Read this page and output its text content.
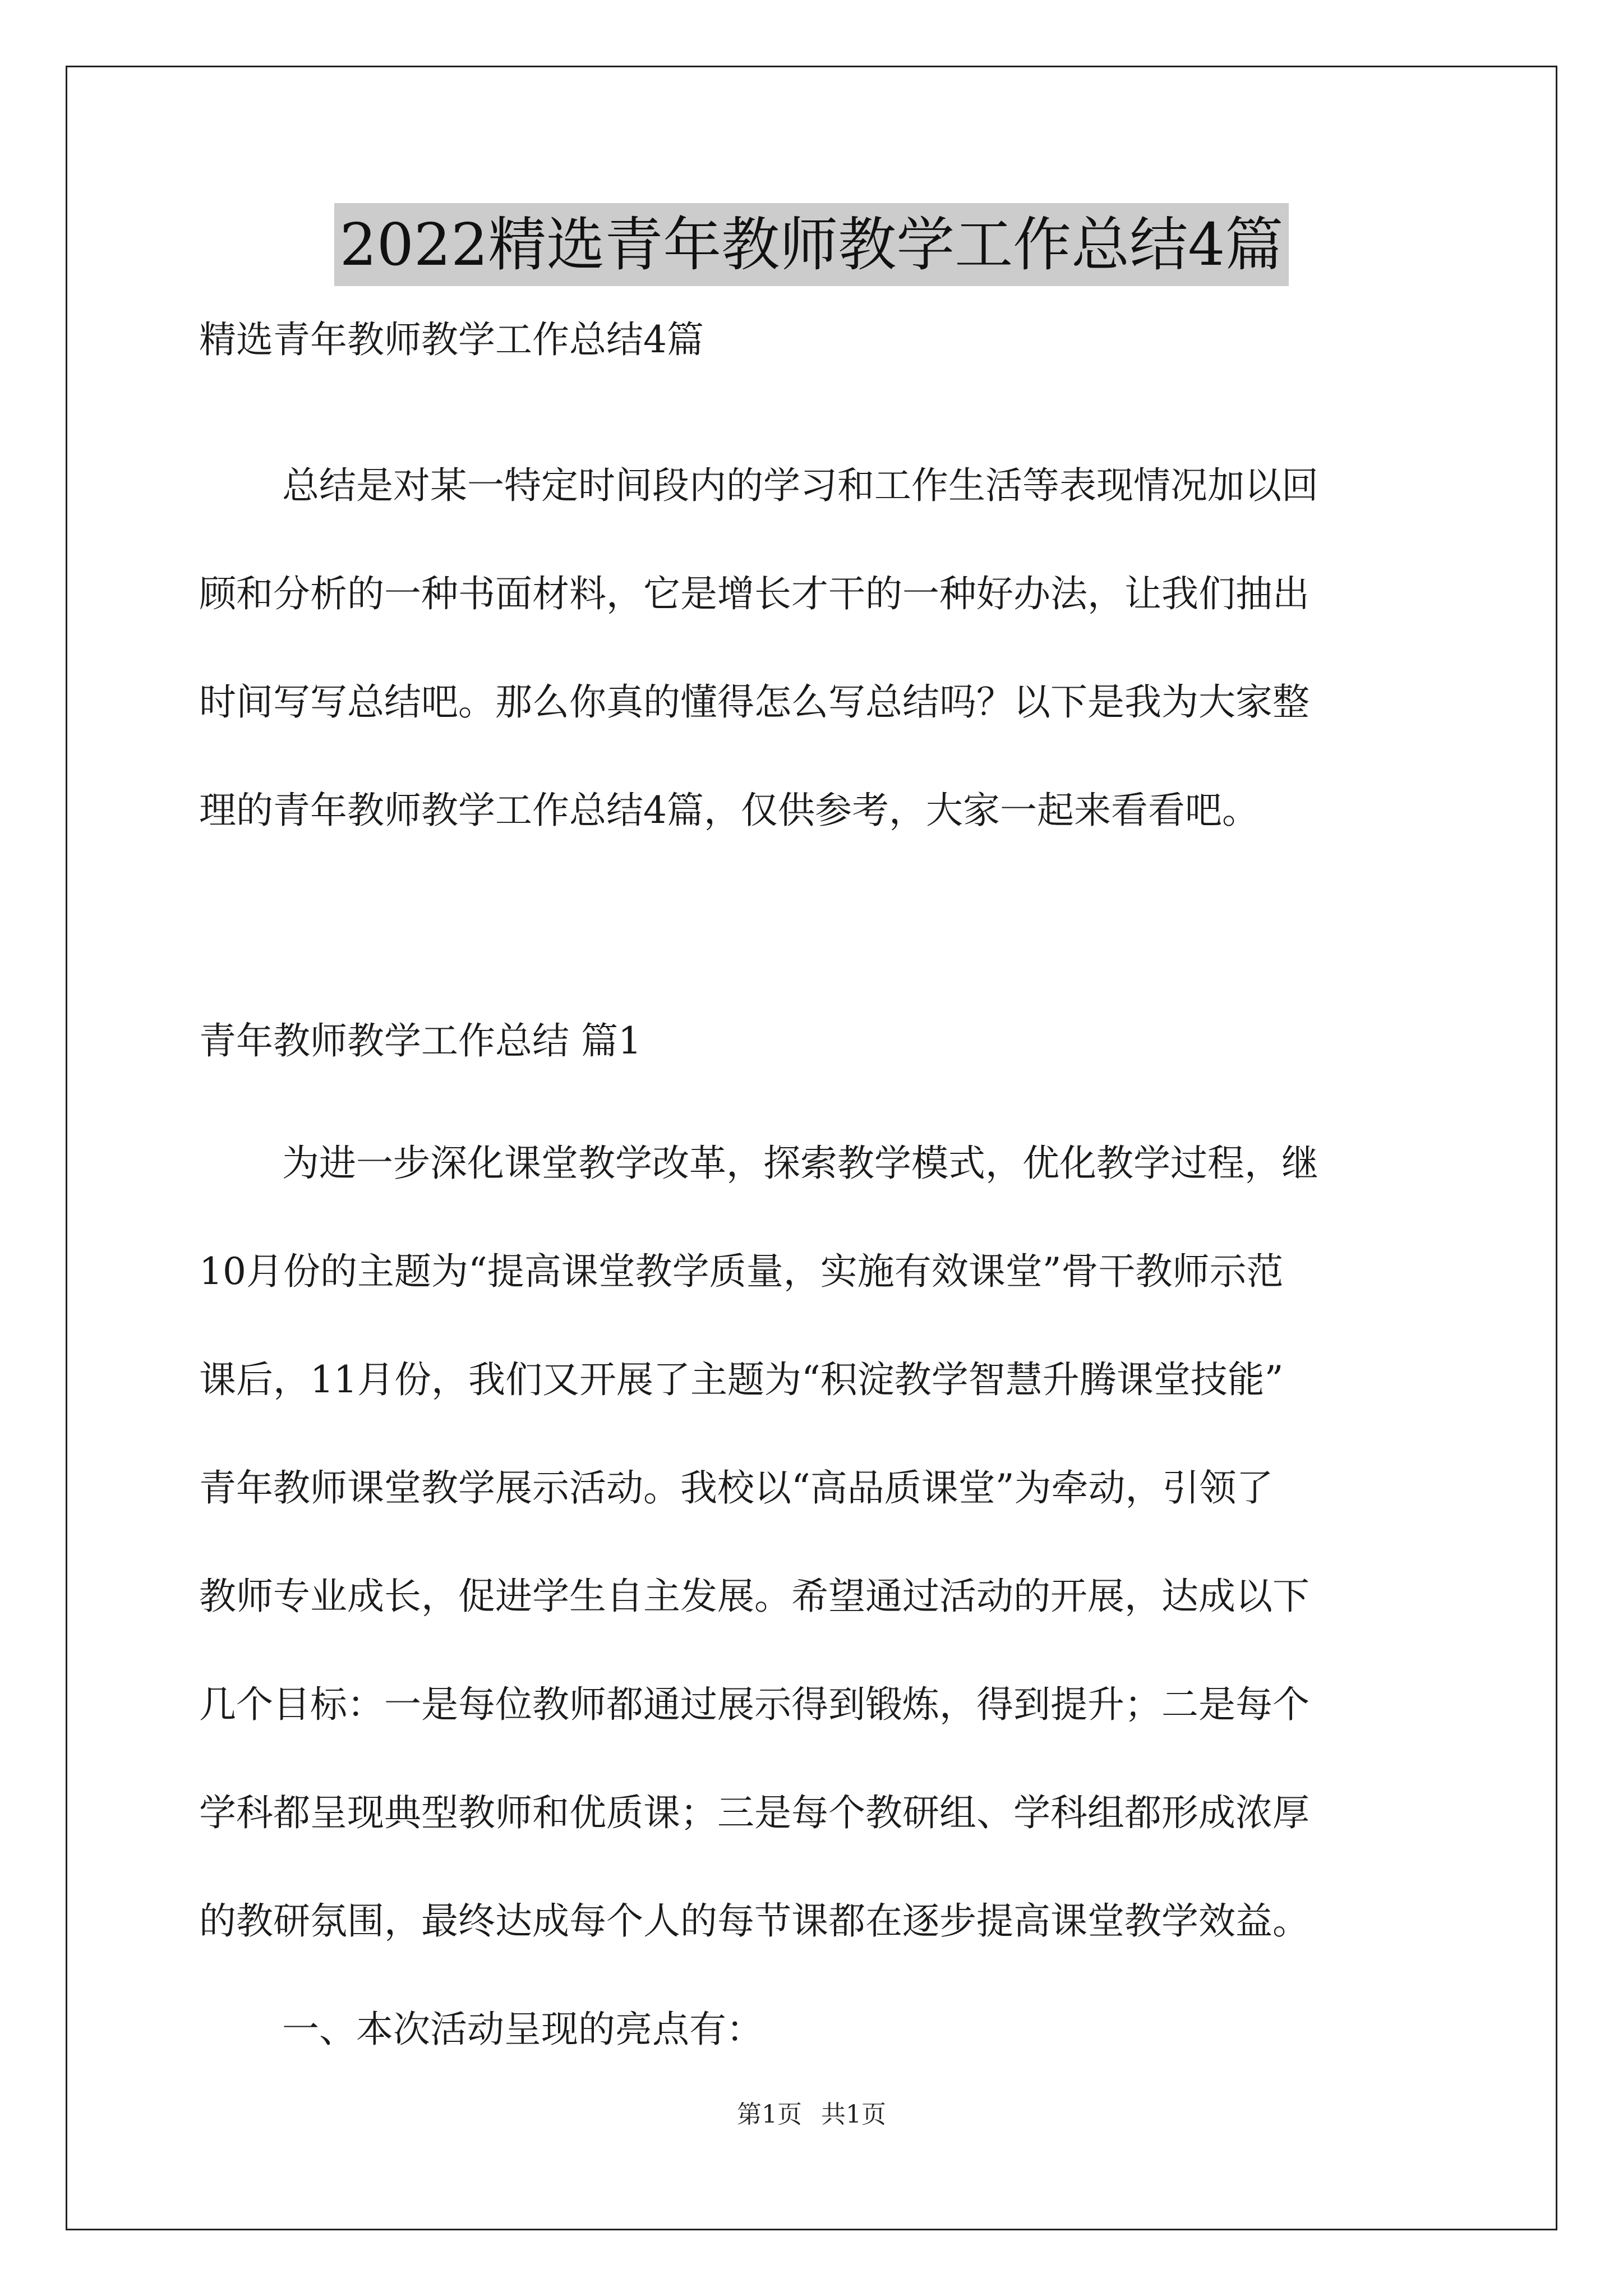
2022精选青年教师教学工作总结4篇
精选青年教师教学工作总结4篇
总结是对某一特定时间段内的学习和工作生活等表现情况加以回
顾和分析的一种书面材料，它是增长才干的一种好办法，让我们抽出
时间写写总结吧。那么你真的懂得怎么写总结吗？以下是我为大家整
理的青年教师教学工作总结4篇，仅供参考，大家一起来看看吧。
青年教师教学工作总结 篇1
为进一步深化课堂教学改革，探索教学模式，优化教学过程，继
10月份的主题为“提高课堂教学质量，实施有效课堂”骨干教师示范
课后，11月份，我们又开展了主题为“积淀教学智慧升腾课堂技能”
青年教师课堂教学展示活动。我校以“高品质课堂”为牵动，引领了
教师专业成长，促进学生自主发展。希望通过活动的开展，达成以下
几个目标：一是每位教师都通过展示得到锻炼，得到提升；二是每个
学科都呈现典型教师和优质课；三是每个教研组、学科组都形成浓厚
的教研氛围，最终达成每个人的每节课都在逐步提高课堂教学效益。
一、本次活动呈现的亮点有：
第1页 共1页
